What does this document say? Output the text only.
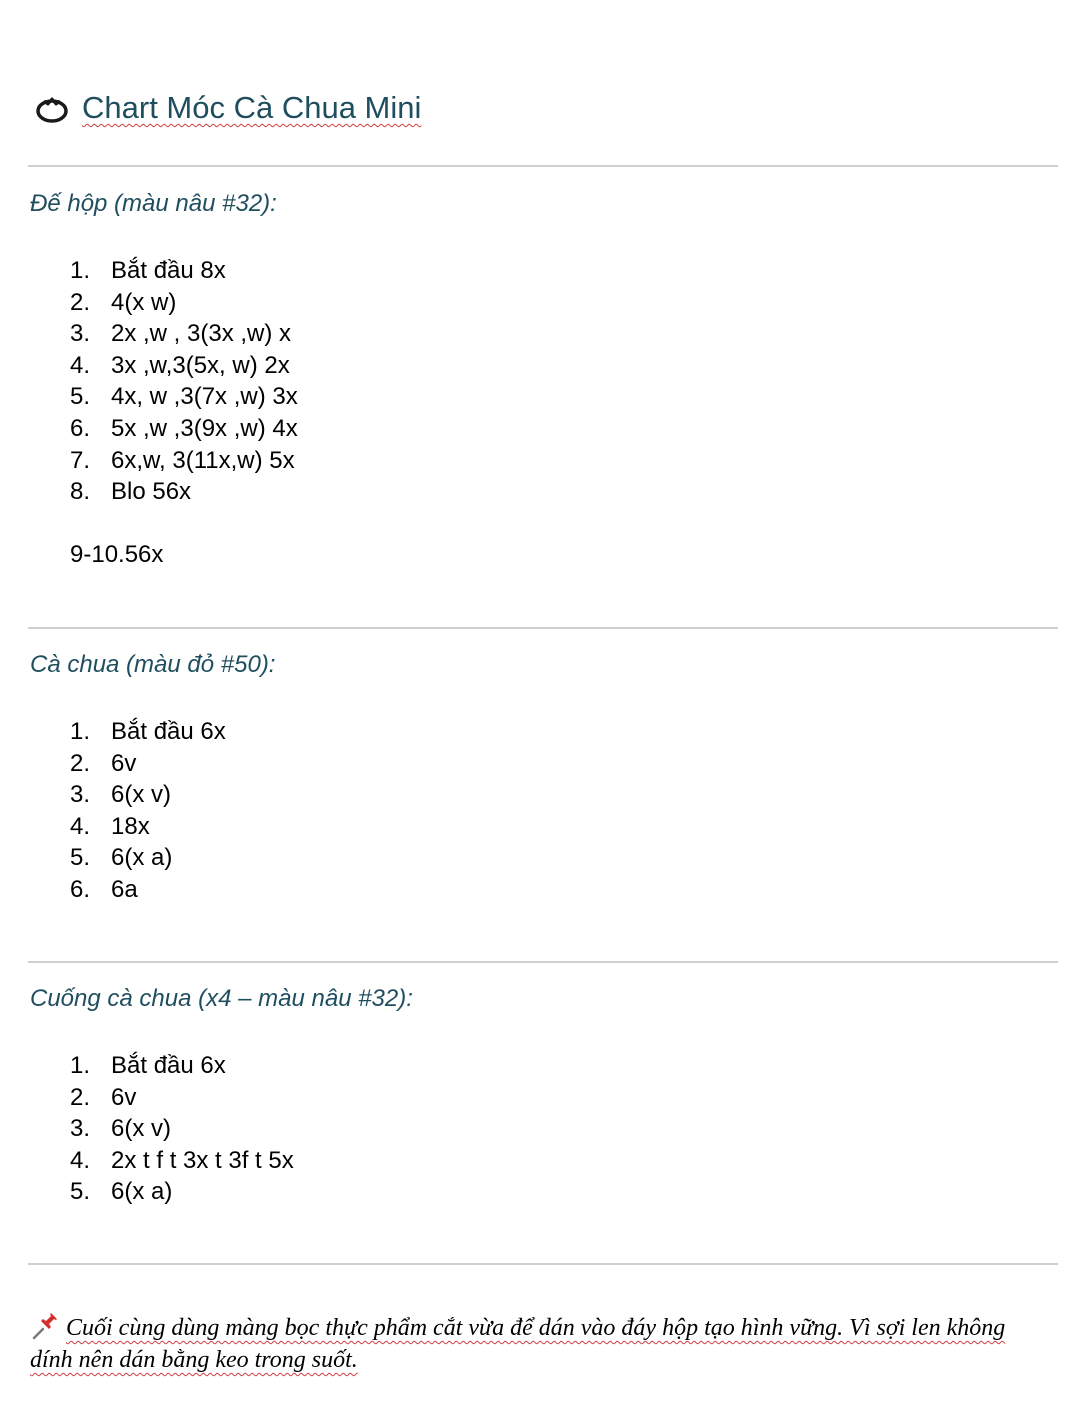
Chart Móc Cà Chua Mini
Đế hộp (màu nâu #32):
1. Bắt đầu 8x
2. 4(x w)
3. 2x ,w , 3(3x ,w) x
4. 3x ,w,3(5x, w) 2x
5. 4x, w ,3(7x ,w) 3x
6. 5x ,w ,3(9x ,w) 4x
7. 6x,w, 3(11x,w) 5x
8. Blo 56x
9-10.56x
Cà chua (màu đỏ #50):
1. Bắt đầu 6x
2. 6v
3. 6(x v)
4. 18x
5. 6(x a)
6. 6a
Cuống cà chua (x4 – màu nâu #32):
1. Bắt đầu 6x
2. 6v
3. 6(x v)
4. 2x t f t 3x t 3f t 5x
5. 6(x a)

Cuối cùng dùng màng bọc thực phẩm cắt vừa để dán vào đáy hộp tạo hình vững. Vì sợi len không dính nên dán bằng keo trong suốt.
